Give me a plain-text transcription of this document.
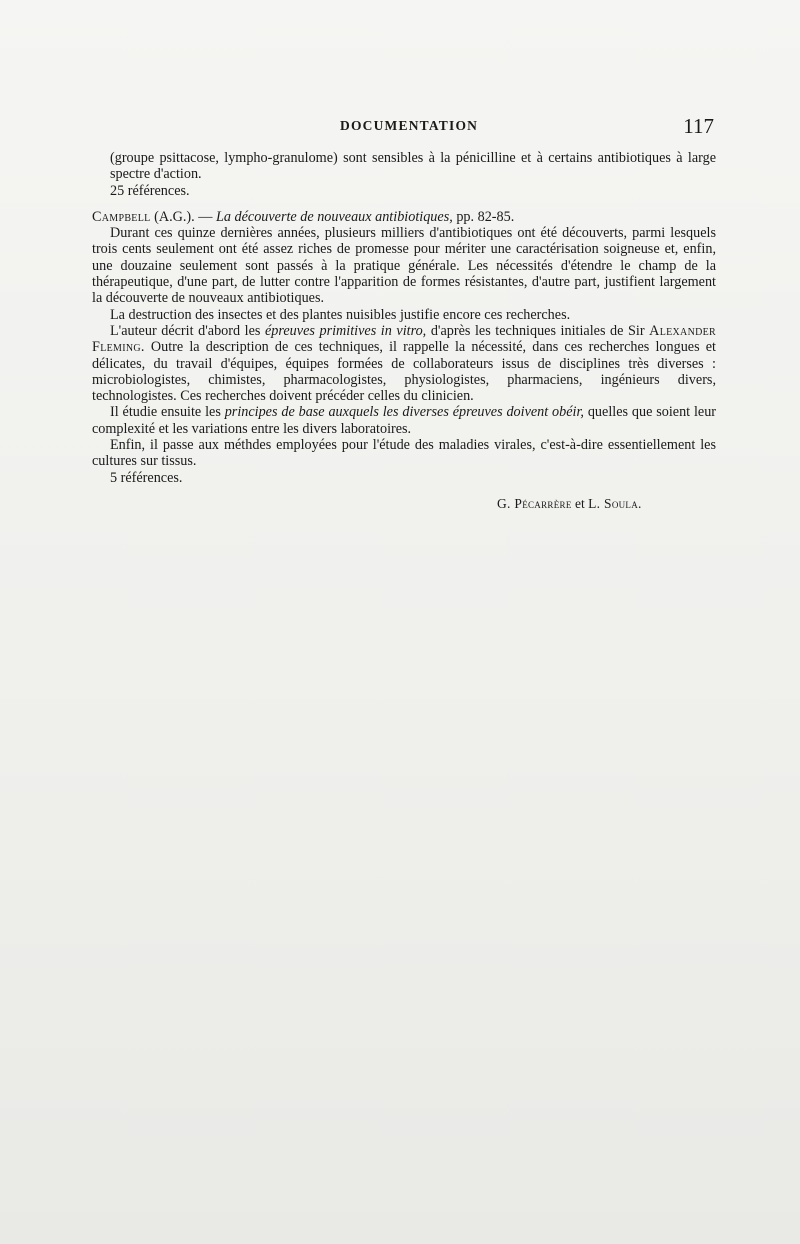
DOCUMENTATION	117

(groupe psittacose, lympho-granulome) sont sensibles à la pénicilline et à certains antibiotiques à large spectre d'action.

25 références.

Campbell (A.G.). — La découverte de nouveaux antibiotiques, pp. 82-85.

Durant ces quinze dernières années, plusieurs milliers d'antibiotiques ont été découverts, parmi lesquels trois cents seulement ont été assez riches de promesse pour mériter une caractérisation soigneuse et, enfin, une douzaine seulement sont passés à la pratique générale. Les nécessités d'étendre le champ de la thérapeutique, d'une part, de lutter contre l'apparition de formes résistantes, d'autre part, justifient largement la découverte de nouveaux antibiotiques.

La destruction des insectes et des plantes nuisibles justifie encore ces recherches.

L'auteur décrit d'abord les épreuves primitives in vitro, d'après les techniques initiales de Sir Alexander Fleming. Outre la description de ces techniques, il rappelle la nécessité, dans ces recherches longues et délicates, du travail d'équipes, équipes formées de collaborateurs issus de disciplines très diverses : microbiologistes, chimistes, pharmacologistes, physiologistes, pharmaciens, ingénieurs divers, technologistes. Ces recherches doivent précéder celles du clinicien.

Il étudie ensuite les principes de base auxquels les diverses épreuves doivent obéir, quelles que soient leur complexité et les variations entre les divers laboratoires.

Enfin, il passe aux méthdes employées pour l'étude des maladies virales, c'est-à-dire essentiellement les cultures sur tissus.

5 références.

G. Pécarrère et L. Soula.
